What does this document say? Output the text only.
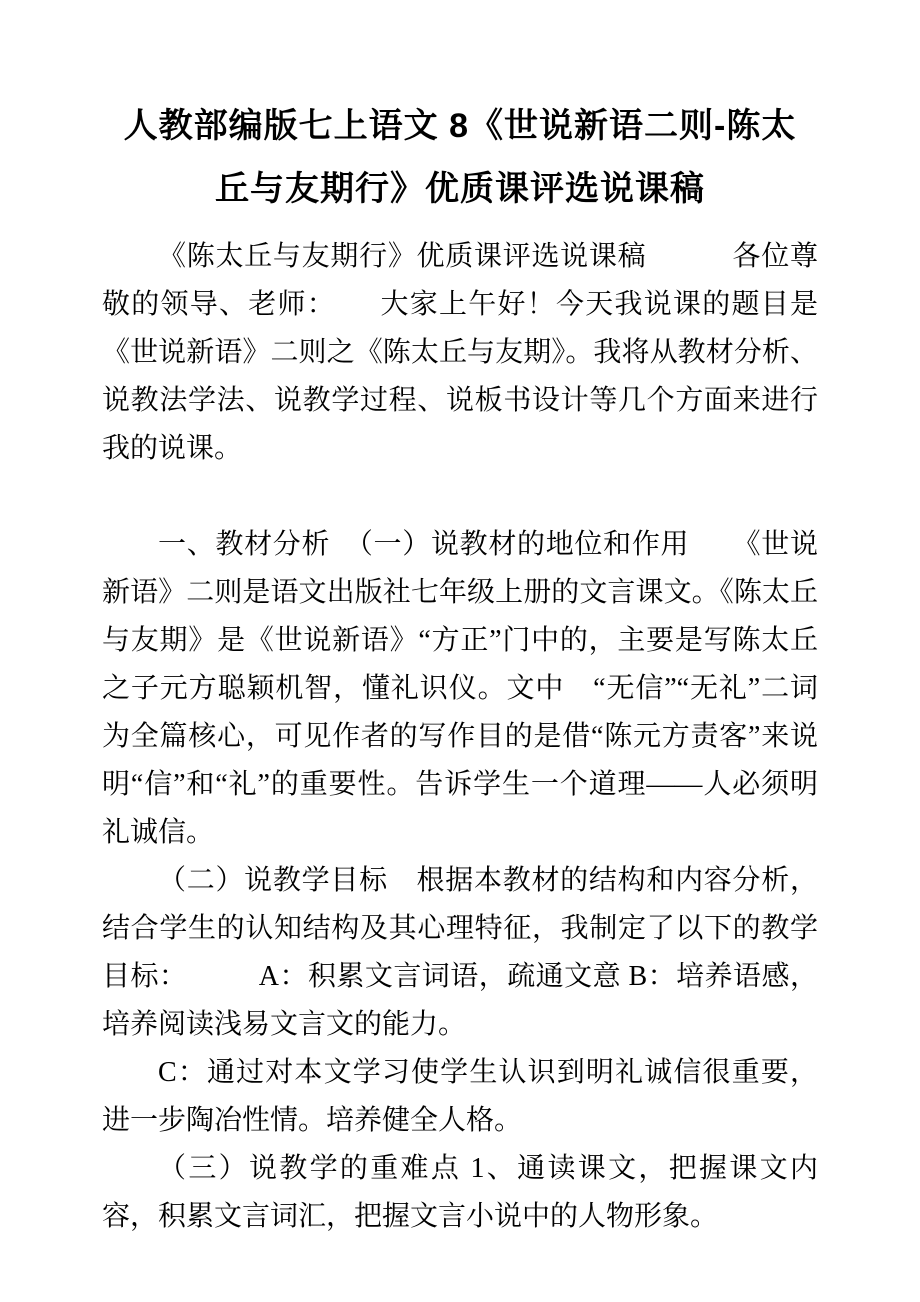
人教部编版七上语文 8《世说新语二则-陈太丘与友期行》优质课评选说课稿

《陈太丘与友期行》优质课评选说课稿　　　各位尊敬的领导、老师：　　大家上午好！今天我说课的题目是《世说新语》二则之《陈太丘与友期》。我将从教材分析、说教法学法、说教学过程、说板书设计等几个方面来进行我的说课。

一、教材分析　（一）说教材的地位和作用　　《世说新语》二则是语文出版社七年级上册的文言课文。《陈太丘与友期》是《世说新语》“方正”门中的，主要是写陈太丘之子元方聪颖机智，懂礼识仪。文中　“无信”“无礼”二词为全篇核心，可见作者的写作目的是借“陈元方责客”来说明“信”和“礼”的重要性。告诉学生一个道理——人必须明礼诚信。

（二）说教学目标　根据本教材的结构和内容分析，结合学生的认知结构及其心理特征，我制定了以下的教学目标：　　　A：积累文言词语，疏通文意 B：培养语感，培养阅读浅易文言文的能力。

C：通过对本文学习使学生认识到明礼诚信很重要，进一步陶冶性情。培养健全人格。

（三）说教学的重难点 1、通读课文，把握课文内容，积累文言词汇，把握文言小说中的人物形象。
